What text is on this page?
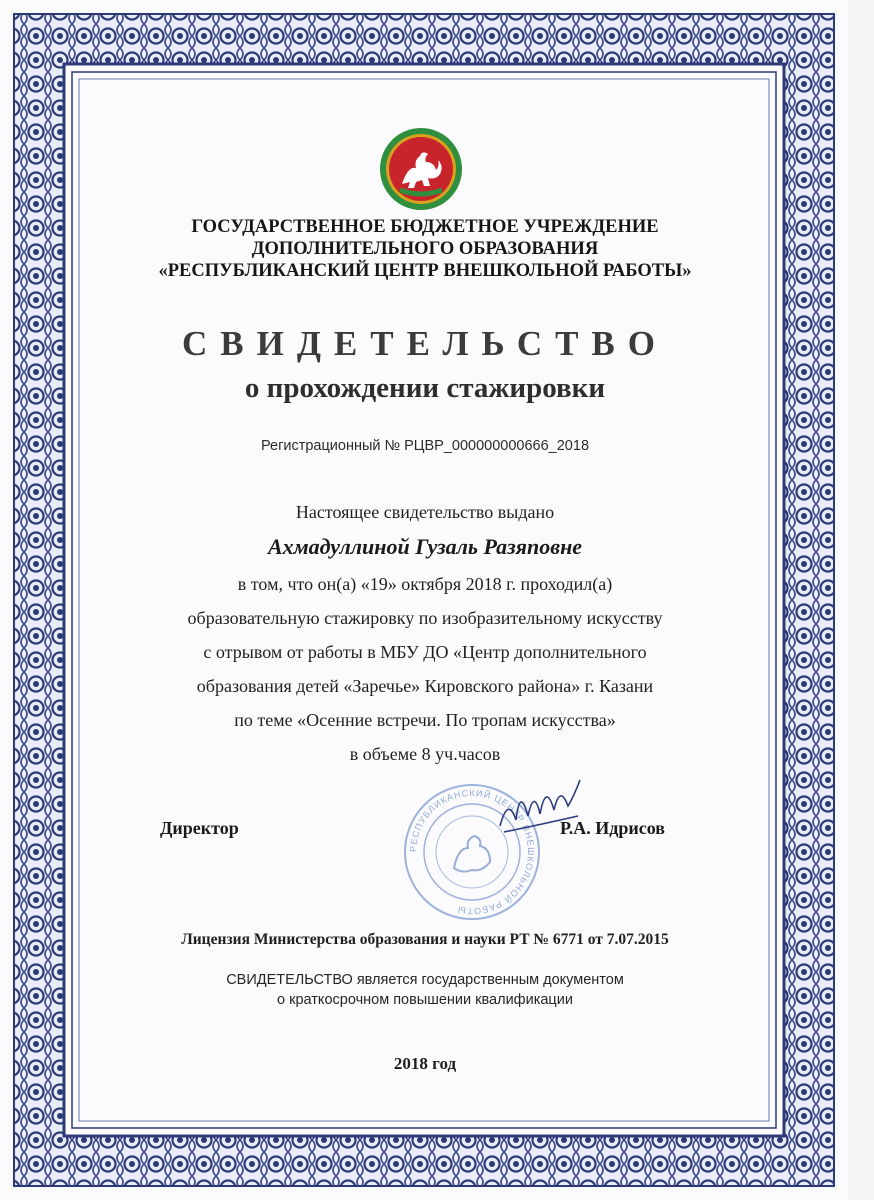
ГОСУДАРСТВЕННОЕ БЮДЖЕТНОЕ УЧРЕЖДЕНИЕ
ДОПОЛНИТЕЛЬНОГО ОБРАЗОВАНИЯ
«РЕСПУБЛИКАНСКИЙ ЦЕНТР ВНЕШКОЛЬНОЙ РАБОТЫ»
СВИДЕТЕЛЬСТВО
о прохождении стажировки
Регистрационный № РЦВР_000000000666_2018
Настоящее свидетельство выдано
Ахмадуллиной Гузаль Разяповне
в том, что он(а) «19» октября 2018 г. проходил(а)
образовательную стажировку по изобразительному искусству
с отрывом от работы в МБУ ДО «Центр дополнительного
образования детей «Заречье» Кировского района» г. Казани
по теме «Осенние встречи. По тропам искусства»
в объеме 8 уч.часов
Директор
РЕСПУБЛИКАНСКИЙ ЦЕНТР ВНЕШКОЛЬНОЙ РАБОТЫ
Р.А. Идрисов
Лицензия Министерства образования и науки РТ № 6771 от 7.07.2015
СВИДЕТЕЛЬСТВО является государственным документом
о краткосрочном повышении квалификации
2018 год
